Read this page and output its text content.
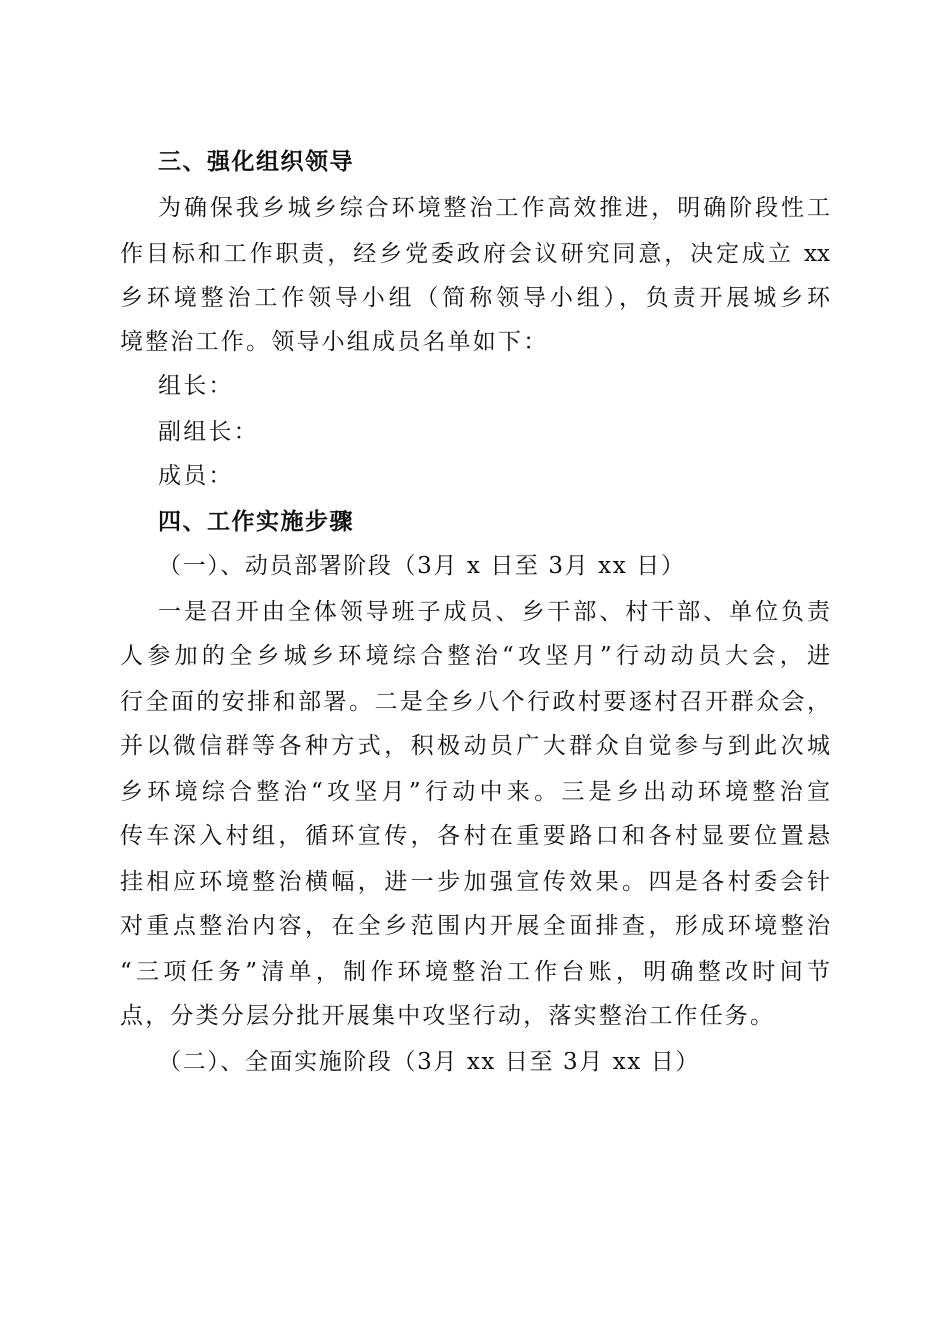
三、强化组织领导
为确保我乡城乡综合环境整治工作高效推进，明确阶段性工
作目标和工作职责，经乡党委政府会议研究同意，决定成立 xx
乡环境整治工作领导小组（简称领导小组），负责开展城乡环
境整治工作。领导小组成员名单如下：
组长：
副组长：
成员：
四、工作实施步骤
（一）、动员部署阶段（3月 x 日至 3月 xx 日）
一是召开由全体领导班子成员、乡干部、村干部、单位负责
人参加的全乡城乡环境综合整治“攻坚月”行动动员大会，进
行全面的安排和部署。二是全乡八个行政村要逐村召开群众会，
并以微信群等各种方式，积极动员广大群众自觉参与到此次城
乡环境综合整治“攻坚月”行动中来。三是乡出动环境整治宣
传车深入村组，循环宣传，各村在重要路口和各村显要位置悬
挂相应环境整治横幅，进一步加强宣传效果。四是各村委会针
对重点整治内容，在全乡范围内开展全面排查，形成环境整治
“三项任务”清单，制作环境整治工作台账，明确整改时间节
点，分类分层分批开展集中攻坚行动，落实整治工作任务。
（二）、全面实施阶段（3月 xx 日至 3月 xx 日）
